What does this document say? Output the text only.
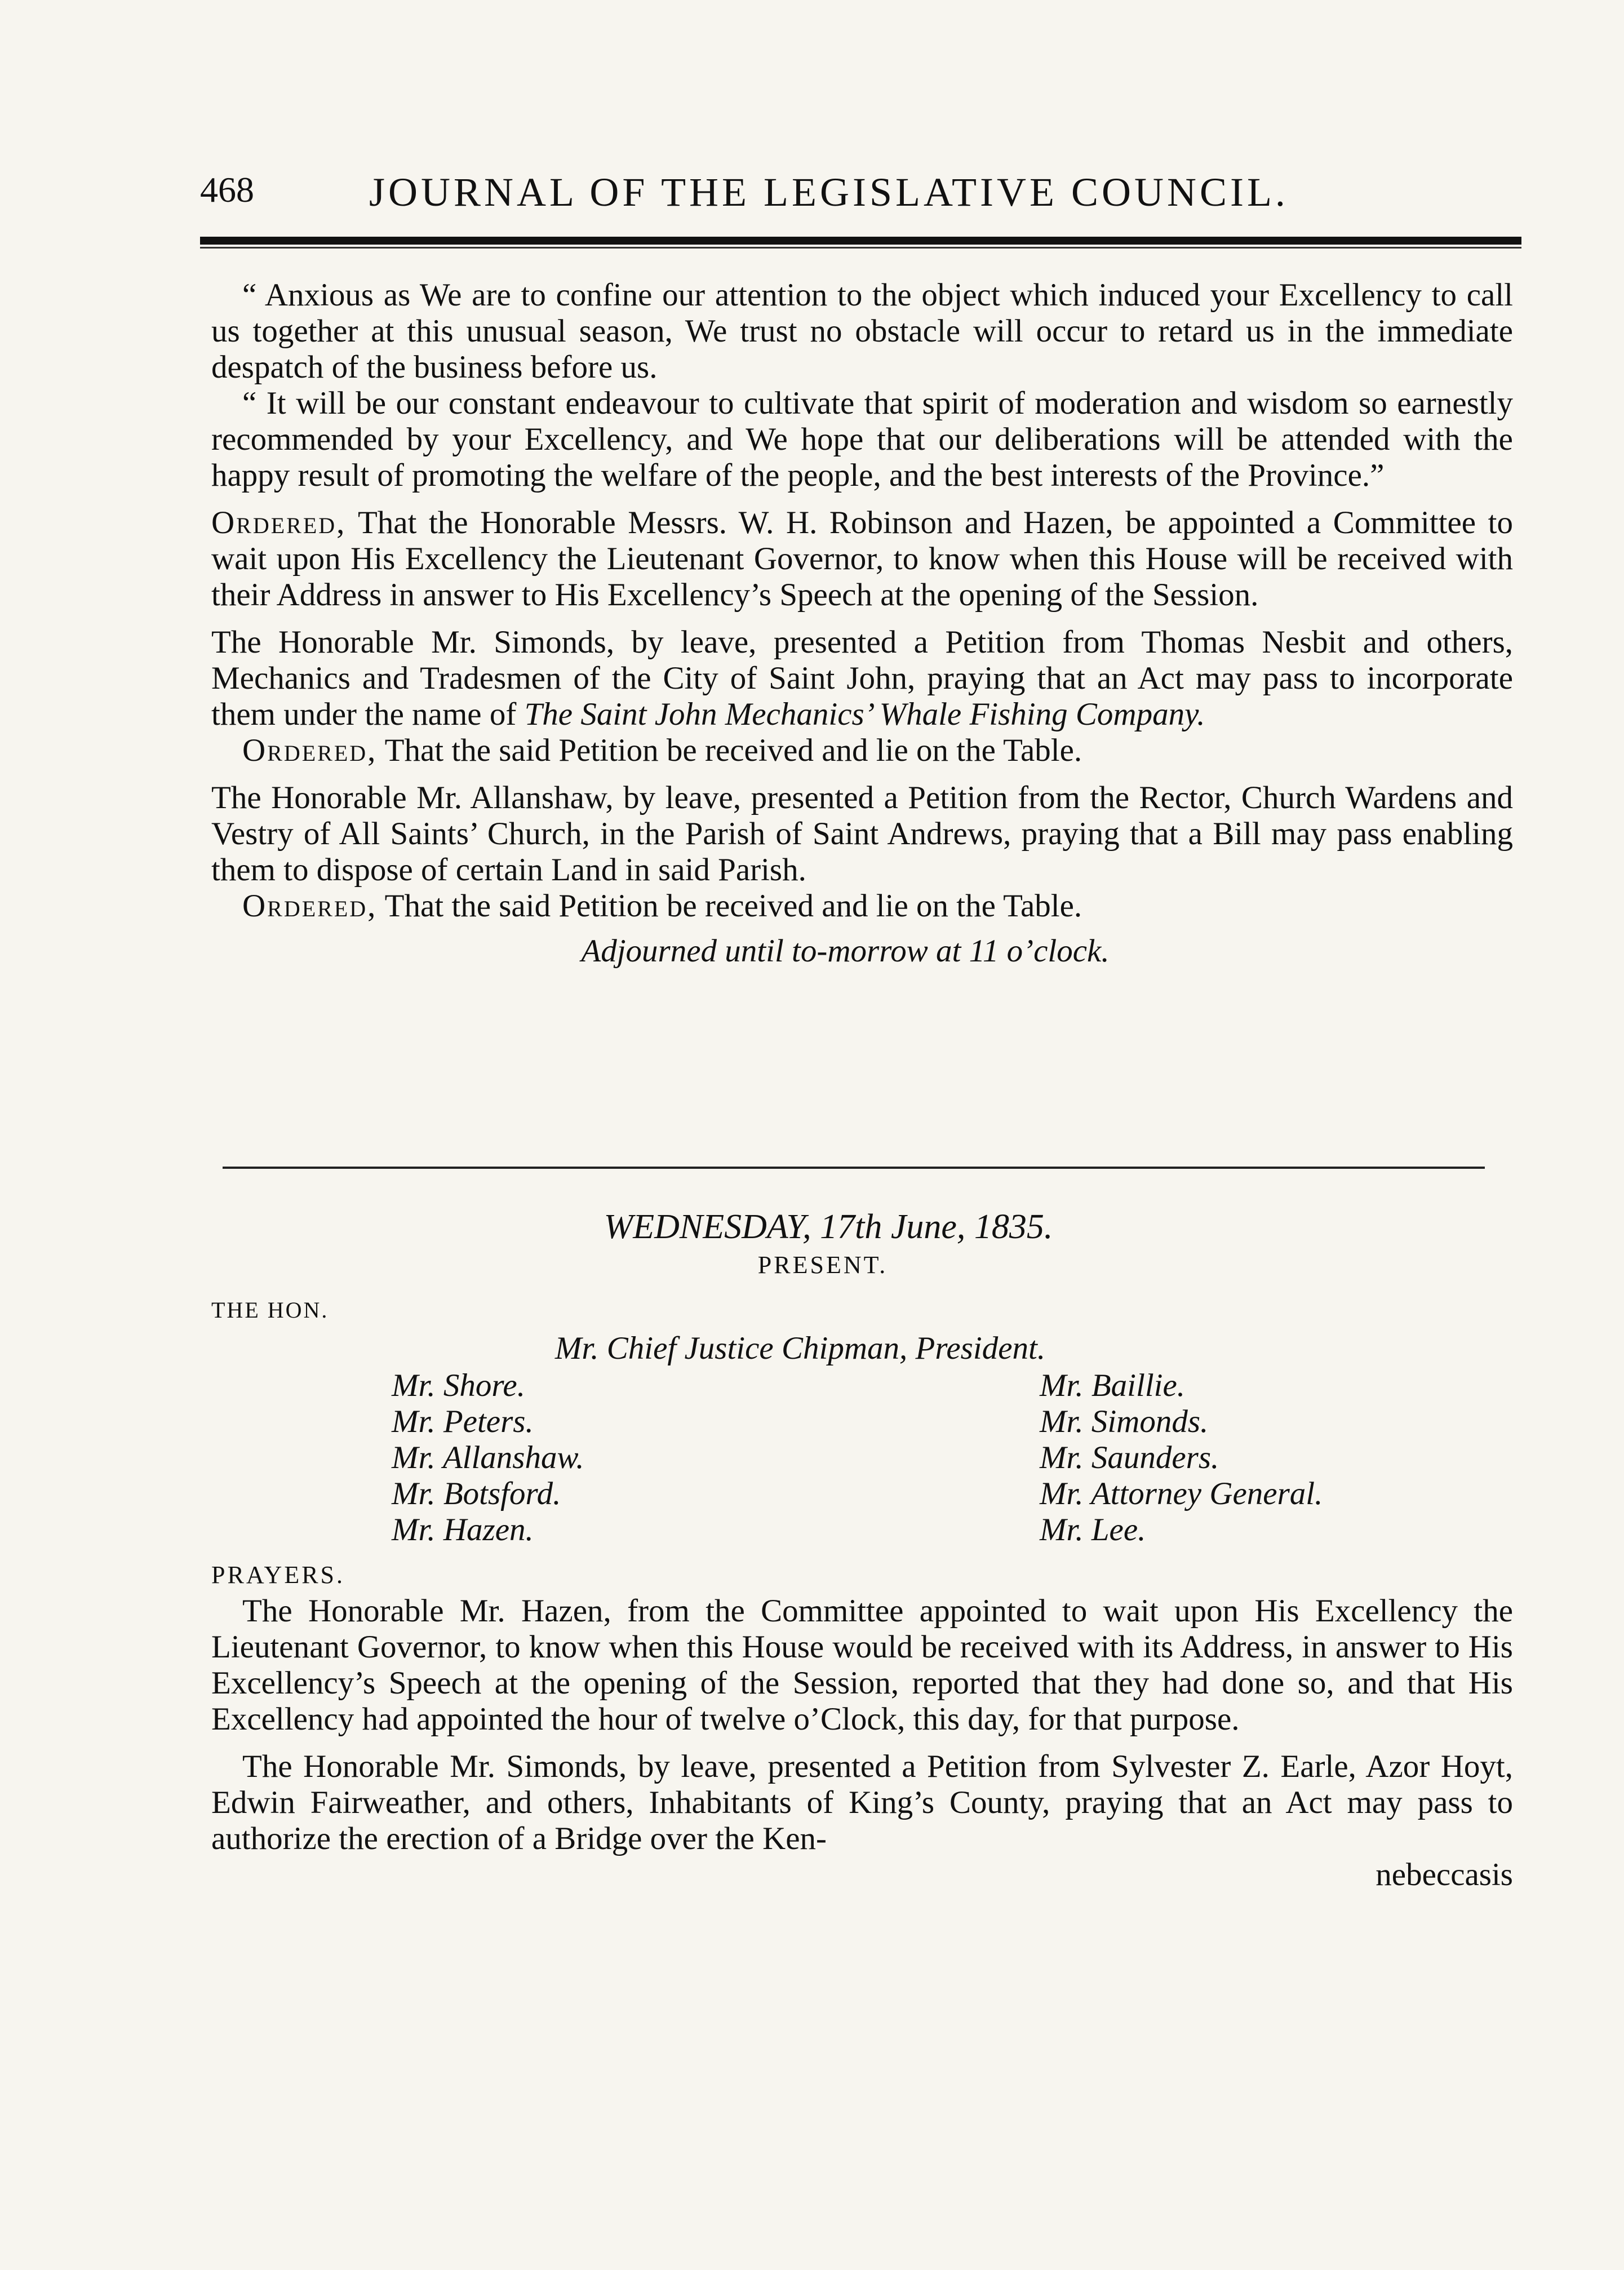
468	JOURNAL OF THE LEGISLATIVE COUNCIL.

“ Anxious as We are to confine our attention to the object which induced your Excellency to call us together at this unusual season, We trust no obstacle will occur to retard us in the immediate despatch of the business before us.

“ It will be our constant endeavour to cultivate that spirit of moderation and wisdom so earnestly recommended by your Excellency, and We hope that our deliberations will be attended with the happy result of promoting the welfare of the people, and the best interests of the Province.”

Ordered, That the Honorable Messrs. W. H. Robinson and Hazen, be appointed a Committee to wait upon His Excellency the Lieutenant Governor, to know when this House will be received with their Address in answer to His Excellency’s Speech at the opening of the Session.

The Honorable Mr. Simonds, by leave, presented a Petition from Thomas Nesbit and others, Mechanics and Tradesmen of the City of Saint John, praying that an Act may pass to incorporate them under the name of The Saint John Mechanics’ Whale Fishing Company.

Ordered, That the said Petition be received and lie on the Table.

The Honorable Mr. Allanshaw, by leave, presented a Petition from the Rector, Church Wardens and Vestry of All Saints’ Church, in the Parish of Saint Andrews, praying that a Bill may pass enabling them to dispose of certain Land in said Parish.

Ordered, That the said Petition be received and lie on the Table.

Adjourned until to-morrow at 11 o’clock.

WEDNESDAY, 17th June, 1835.
PRESENT.
THE HON.
Mr. Chief Justice Chipman, President.
Mr. Shore.
Mr. Peters.
Mr. Allanshaw.
Mr. Botsford.
Mr. Hazen.
Mr. Baillie.
Mr. Simonds.
Mr. Saunders.
Mr. Attorney General.
Mr. Lee.
PRAYERS.

The Honorable Mr. Hazen, from the Committee appointed to wait upon His Excellency the Lieutenant Governor, to know when this House would be received with its Address, in answer to His Excellency’s Speech at the opening of the Session, reported that they had done so, and that His Excellency had appointed the hour of twelve o’Clock, this day, for that purpose.

The Honorable Mr. Simonds, by leave, presented a Petition from Sylvester Z. Earle, Azor Hoyt, Edwin Fairweather, and others, Inhabitants of King’s County, praying that an Act may pass to authorize the erection of a Bridge over the Ken-

nebeccasis
